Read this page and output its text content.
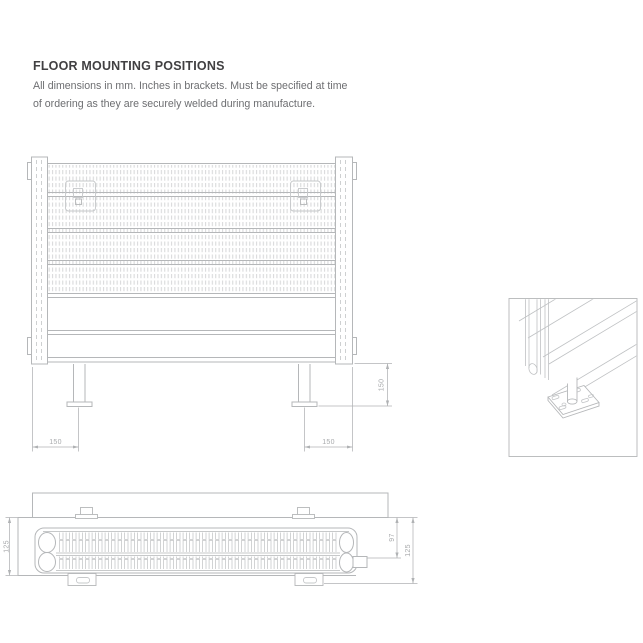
FLOOR MOUNTING POSITIONS

All dimensions in mm. Inches in brackets. Must be specified at time
of ordering as they are securely welded during manufacture.

150	150
150
125
97
125
